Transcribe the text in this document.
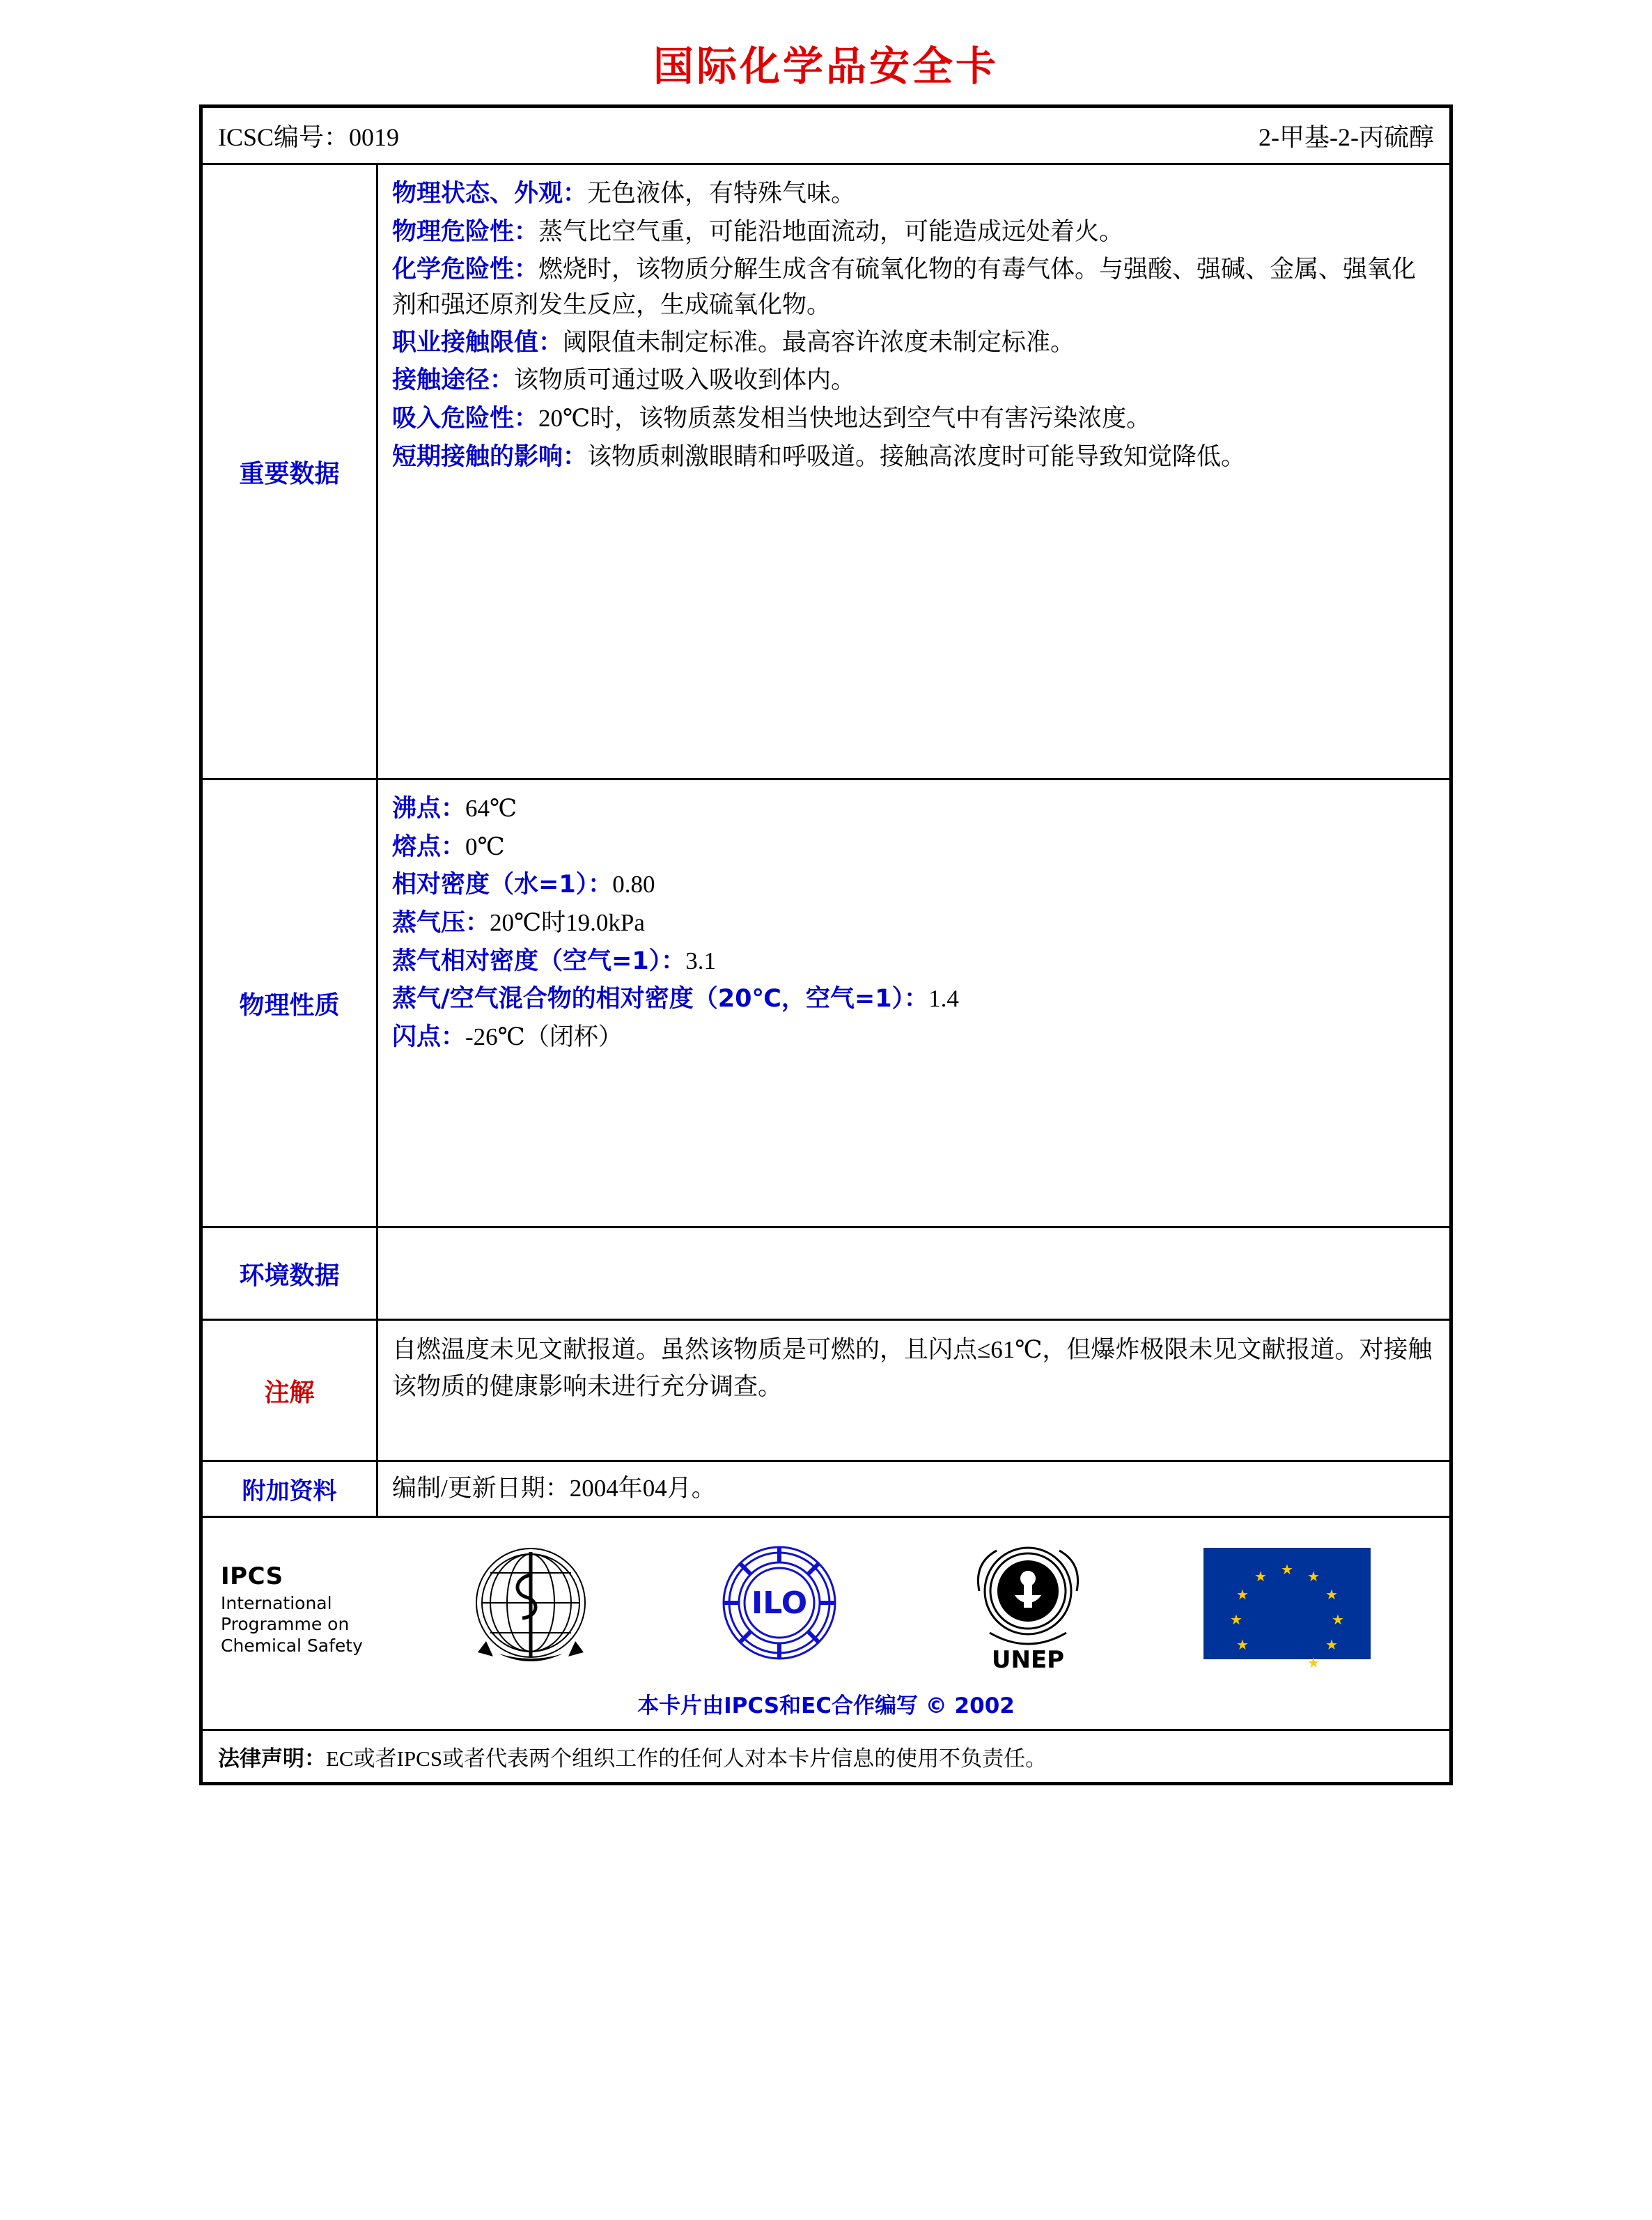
国际化学品安全卡
ICSC编号：0019	2-甲基-2-丙硫醇
重要数据
物理状态、外观：无色液体，有特殊气味。
物理危险性：蒸气比空气重，可能沿地面流动，可能造成远处着火。
化学危险性：燃烧时，该物质分解生成含有硫氧化物的有毒气体。与强酸、强碱、金属、强氧化剂和强还原剂发生反应，生成硫氧化物。
职业接触限值：阈限值未制定标准。最高容许浓度未制定标准。
接触途径：该物质可通过吸入吸收到体内。
吸入危险性：20℃时，该物质蒸发相当快地达到空气中有害污染浓度。
短期接触的影响：该物质刺激眼睛和呼吸道。接触高浓度时可能导致知觉降低。
物理性质
沸点：64℃
熔点：0℃
相对密度（水=1）：0.80
蒸气压：20℃时19.0kPa
蒸气相对密度（空气=1）：3.1
蒸气/空气混合物的相对密度（20℃，空气=1）：1.4
闪点：-26℃（闭杯）
环境数据
注解
自燃温度未见文献报道。虽然该物质是可燃的，且闪点≤61℃，但爆炸极限未见文献报道。对接触该物质的健康影响未进行充分调查。
附加资料	编制/更新日期：2004年04月。
IPCS
International
Programme on
Chemical Safety
ILO
UNEP
★ ★
★
★
★
★
★
★
★
★
本卡片由IPCS和EC合作编写 © 2002
法律声明：EC或者IPCS或者代表两个组织工作的任何人对本卡片信息的使用不负责任。
